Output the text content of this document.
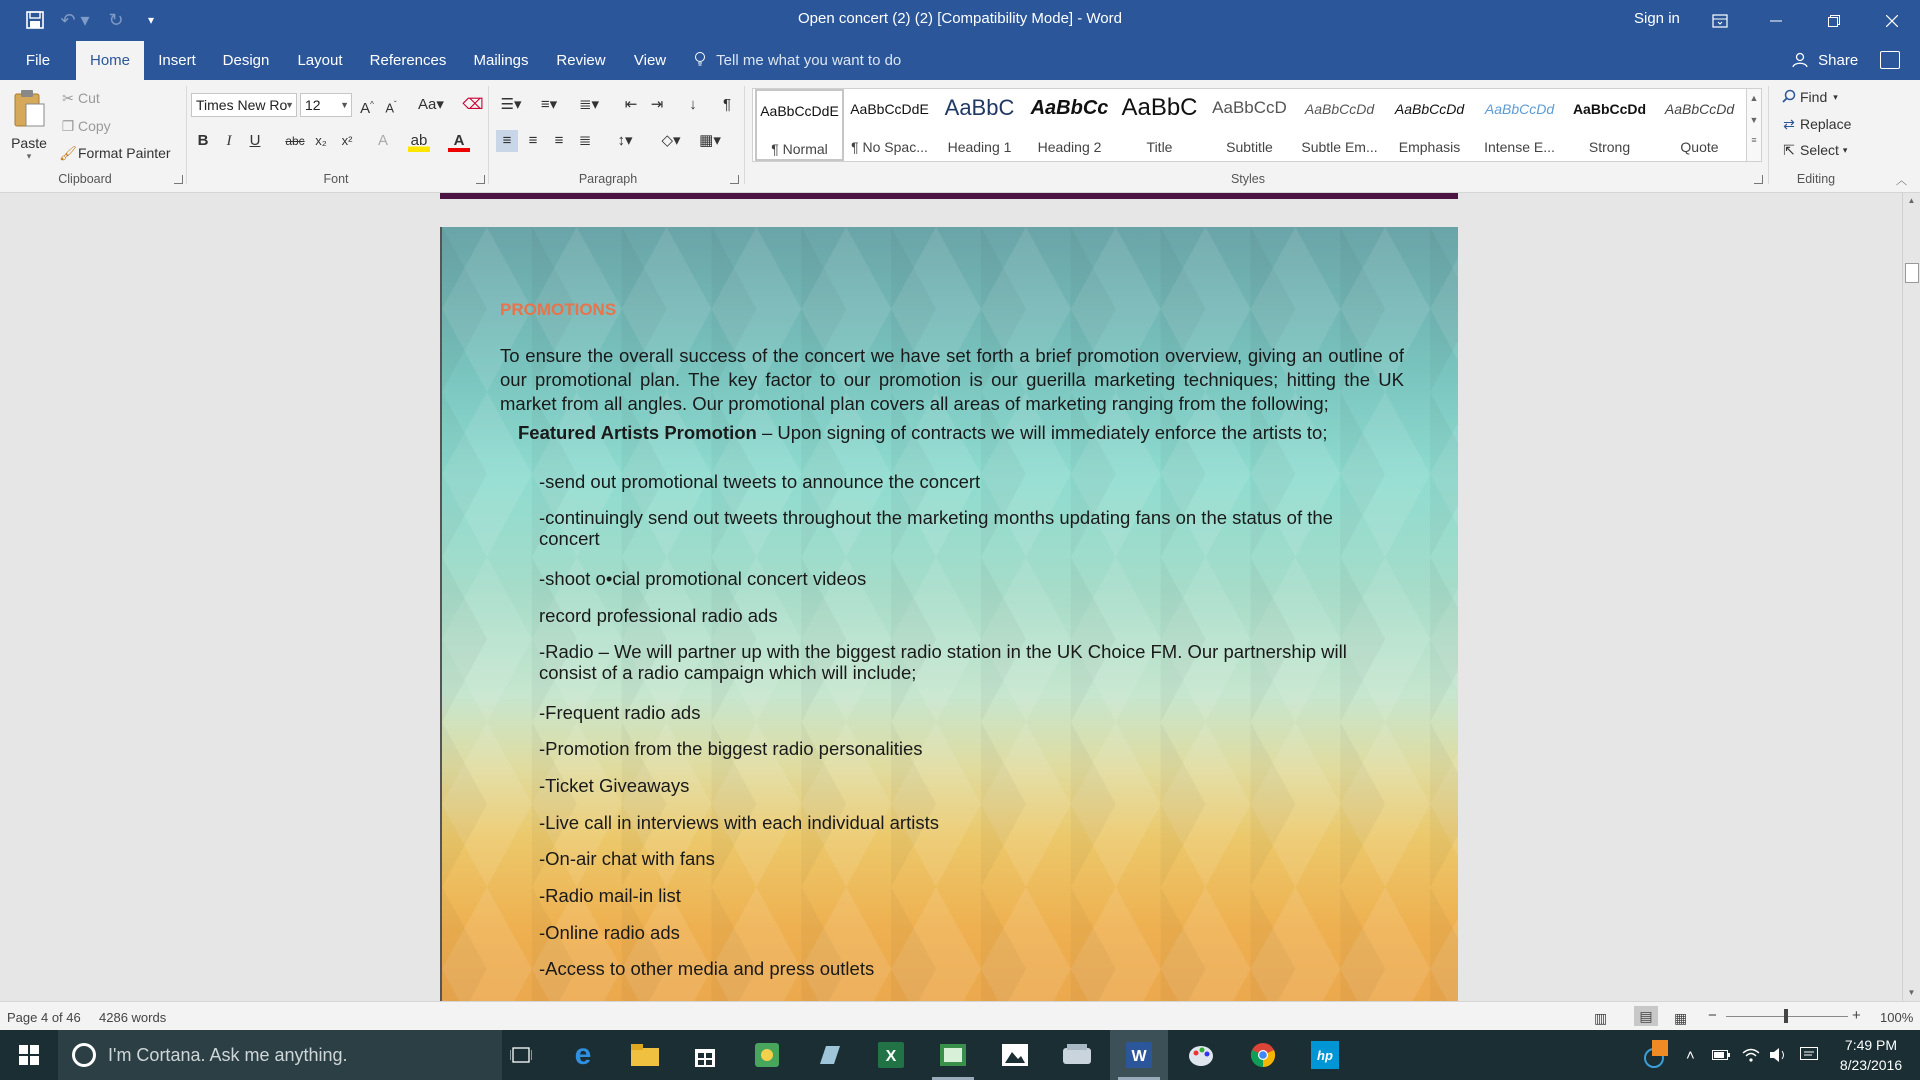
↶ ▾ ↻	▾	Open concert (2) (2) [Compatibility Mode] - Word	Sign in
File	Home	Insert	Design	Layout	References	Mailings	Review	View	Tell me what you want to do	Share
Paste
▾
✂ Cut
❐ Copy
🖌 Format Painter
Clipboard
Times New Ro
▼ 12 ▼ A^ $A^ˇ$	Aa▾ ⌫
B	I	U	abc x₂	x²	A	ab	A
Font
☰▾	≡▾	≣▾	⇤ ⇥	↓	¶
≡	≡	≡	≣	↕▾	◇▾	▦▾
Paragraph
AaBbCcDdE
¶ Normal
AaBbCcDdE
¶ No Spac...
AaBbC
Heading 1
AaBbCc
Heading 2
AaBbC
Title
AaBbCcD
Subtitle
AaBbCcDd
Subtle Em...
AaBbCcDd
Emphasis
AaBbCcDd
Intense E...
AaBbCcDd
Strong
AaBbCcDd
Quote
▲
▼
≡
Styles
Find ▾
⇄ Replace
⇱ Select ▾
Editing	︿
PROMOTIONS
To ensure the overall success of the concert we have set forth a brief promotion overview, giving an outline of our promotional plan. The key factor to our promotion is our guerilla marketing techniques; hitting the UK market from all angles. Our promotional plan covers all areas of marketing ranging from the following;
Featured Artists Promotion – Upon signing of contracts we will immediately enforce the artists to;
-send out promotional tweets to announce the concert
-continuingly send out tweets throughout the marketing months updating fans on the status of the concert
-shoot o•cial promotional concert videos
record professional radio ads
-Radio – We will partner up with the biggest radio station in the UK Choice FM. Our partnership will consist of a radio campaign which will include;
-Frequent radio ads
-Promotion from the biggest radio personalities
-Ticket Giveaways
-Live call in interviews with each individual artists
-On-air chat with fans
-Radio mail-in list
-Online radio ads
-Access to other media and press outlets
▲
▼
Page 4 of 46 4286 words	▥	▤	▦ −	+ 100%
I'm Cortana. Ask me anything.	e	X	W	hp	˄
7:49 PM
8/23/2016
